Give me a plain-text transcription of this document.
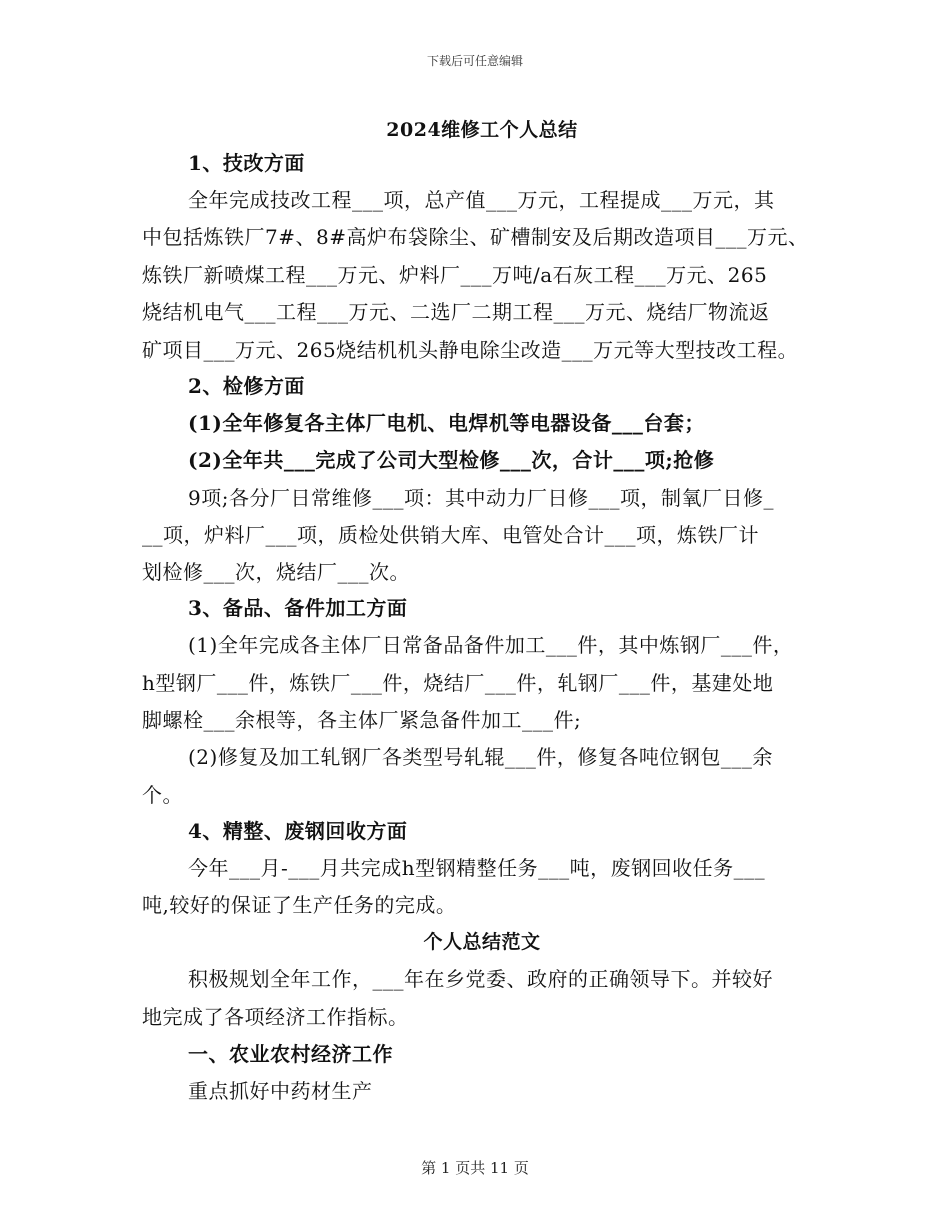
下载后可任意编辑
2024维修工个人总结
1、技改方面
全年完成技改工程___项，总产值___万元，工程提成___万元，其
中包括炼铁厂7#、8#高炉布袋除尘、矿槽制安及后期改造项目___万元、
炼铁厂新喷煤工程___万元、炉料厂___万吨/a石灰工程___万元、265
烧结机电气___工程___万元、二选厂二期工程___万元、烧结厂物流返
矿项目___万元、265烧结机机头静电除尘改造___万元等大型技改工程。
2、检修方面
(1)全年修复各主体厂电机、电焊机等电器设备___台套；
(2)全年共___完成了公司大型检修___次，合计___项;抢修
9项;各分厂日常维修___项：其中动力厂日修___项，制氧厂日修_
__项，炉料厂___项，质检处供销大库、电管处合计___项，炼铁厂计
划检修___次，烧结厂___次。
3、备品、备件加工方面
(1)全年完成各主体厂日常备品备件加工___件，其中炼钢厂___件，
h型钢厂___件，炼铁厂___件，烧结厂___件，轧钢厂___件，基建处地
脚螺栓___余根等，各主体厂紧急备件加工___件;
(2)修复及加工轧钢厂各类型号轧辊___件，修复各吨位钢包___余
个。
4、精整、废钢回收方面
今年___月-___月共完成h型钢精整任务___吨，废钢回收任务___
吨,较好的保证了生产任务的完成。
个人总结范文
积极规划全年工作，___年在乡党委、政府的正确领导下。并较好
地完成了各项经济工作指标。
一、农业农村经济工作
重点抓好中药材生产
第 1 页共 11 页
